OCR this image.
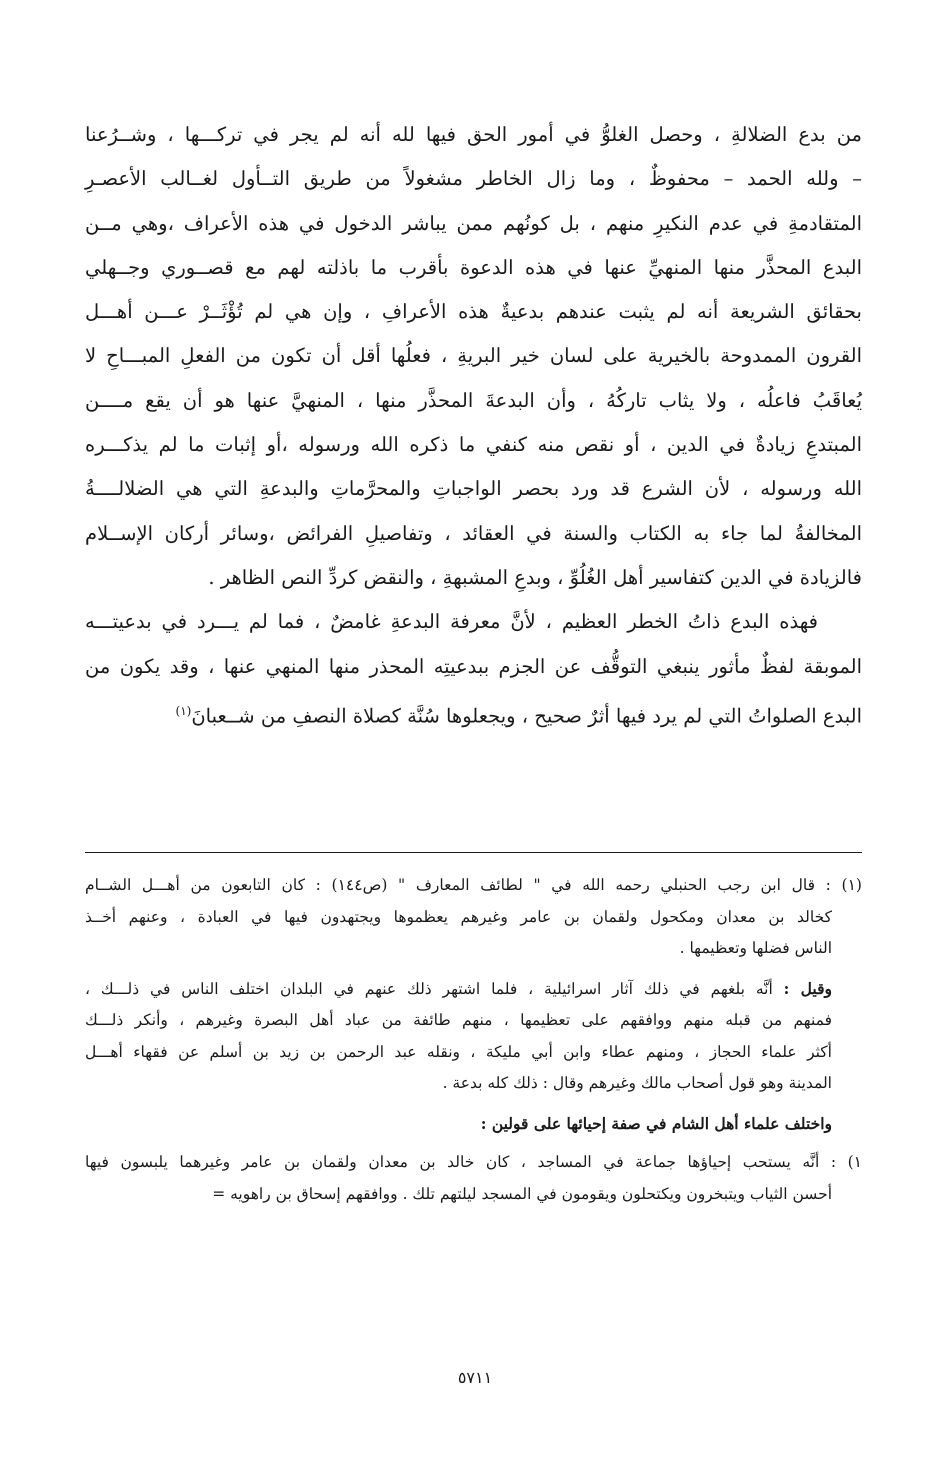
من بدع الضلالةِ ، وحصل الغلوُّ في أمور الحق فيها لله أنه لم يجر في تركـــها ، وشــرُعنا
– ولله الحمد – محفوظٌ ، وما زال الخاطر مشغولاً من طريق التــأول لغــالب الأعصـرِ
المتقادمةِ في عدم النكيرِ منهم ، بل كونُهم ممن يباشر الدخول في هذه الأعراف ،وهي مــن
البدع المحذَّر منها المنهيِّ عنها في هذه الدعوة بأقرب ما باذلته لهم مع قصــوري وجــهلي
بحقائق الشريعة أنه لم يثبت عندهم بدعيةٌ هذه الأعرافِ ، وإن هي لم تُؤْثَــرْ عـــن أهـــل
القرون الممدوحة بالخيرية على لسان خير البريةِ ، فعلُها أقل أن تكون من الفعلِ المبـــاحِ لا
يُعاقَبُ فاعلُه ، ولا يثاب تاركُهُ ، وأن البدعةَ المحذَّر منها ، المنهيَّ عنها هو أن يقع مــــن
المبتدعِ زيادةٌ في الدين ، أو نقص منه كنفي ما ذكره الله ورسوله ،أو إثبات ما لم يذكـــره
الله ورسوله ، لأن الشرع قد ورد بحصر الواجباتِ والمحرَّماتِ والبدعةِ التي هي الضلالــــةُ
المخالفةُ لما جاء به الكتاب والسنة في العقائد ، وتفاصيلِ الفرائض ،وسائر أركان الإســلام
فالزيادة في الدين كتفاسير أهل الغُلُوِّ ، وبدعِ المشبهةِ ، والنقض كردِّ النص الظاهر .

فهذه البدع ذاتُ الخطر العظيم ، لأنَّ معرفة البدعةِ غامضٌ ، فما لم يـــرد في بدعيتـــه
الموبقة لفظٌ مأثور ينبغي التوقُّف عن الجزم ببدعيتِه المحذر منها المنهي عنها ، وقد يكون من
البدع الصلواتُ التي لم يرد فيها أثرٌ صحيح ، ويجعلوها سُنَّة كصلاة النصفِ من شــعبانَ$^{(١)}$

(١) : قال ابن رجب الحنبلي رحمه الله في " لطائف المعارف " (ص١٤٤) : كان التابعون من أهـــل الشــام
كخالد بن معدان ومكحول ولقمان بن عامر وغيرهم يعظموها ويجتهدون فيها في العبادة ، وعنهم أخــذ
الناس فضلها وتعظيمها .

وقيل : أنَّه بلغهم في ذلك آثار اسرائيلية ، فلما اشتهر ذلك عنهم في البلدان اختلف الناس في ذلـــك ،
فمنهم من قبله منهم ووافقهم على تعظيمها ، منهم طائفة من عباد أهل البصرة وغيرهم ، وأنكر ذلـــك
أكثر علماء الحجاز ، ومنهم عطاء وابن أبي مليكة ، ونقله عبد الرحمن بن زيد بن أسلم عن فقهاء أهـــل
المدينة وهو قول أصحاب مالك وغيرهم وقال : ذلك كله بدعة .

واختلف علماء أهل الشام في صفة إحيائها على قولين :

١) : أنَّه يستحب إحياؤها جماعة في المساجد ، كان خالد بن معدان ولقمان بن عامر وغيرهما يلبسون فيها
أحسن الثياب ويتبخرون ويكتحلون ويقومون في المسجد ليلتهم تلك . ووافقهم إسحاق بن راهويه =

٥٧١١
